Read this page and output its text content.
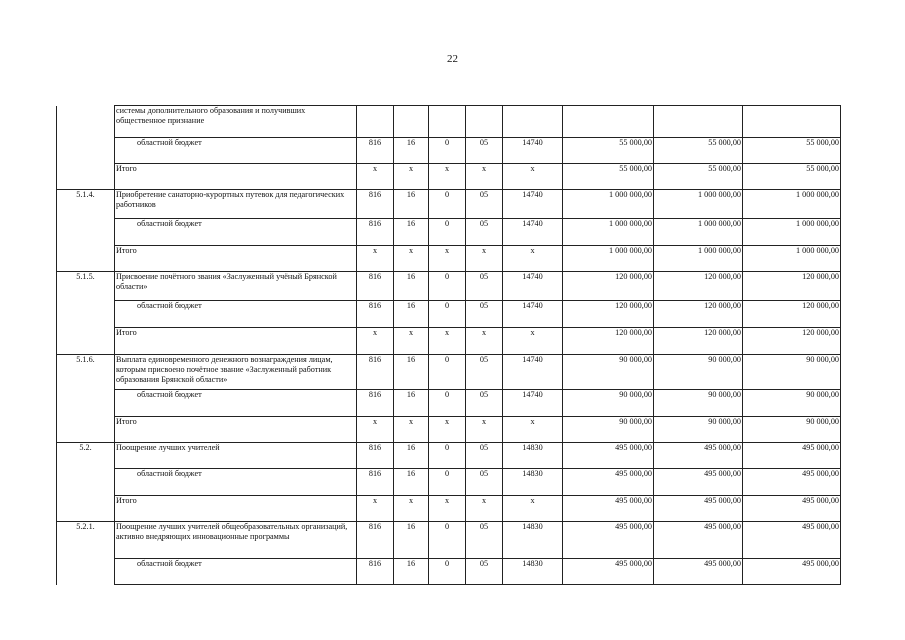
22
	системы дополнительного образования и получивших общественное признание								
	областной бюджет	816	16	0	05	14740	55 000,00	55 000,00	55 000,00
	Итого	x	x	x	x	x	55 000,00	55 000,00	55 000,00
5.1.4.	Приобретение санаторно-курортных путевок для педагогических работников	816	16	0	05	14740	1 000 000,00	1 000 000,00	1 000 000,00
	областной бюджет	816	16	0	05	14740	1 000 000,00	1 000 000,00	1 000 000,00
	Итого	x	x	x	x	x	1 000 000,00	1 000 000,00	1 000 000,00
5.1.5.	Присвоение почётного звания «Заслуженный учёный Брянской области»	816	16	0	05	14740	120 000,00	120 000,00	120 000,00
	областной бюджет	816	16	0	05	14740	120 000,00	120 000,00	120 000,00
	Итого	x	x	x	x	x	120 000,00	120 000,00	120 000,00
5.1.6.	Выплата единовременного денежного вознаграждения лицам, которым присвоено почётное звание «Заслуженный работник образования Брянской области»	816	16	0	05	14740	90 000,00	90 000,00	90 000,00
	областной бюджет	816	16	0	05	14740	90 000,00	90 000,00	90 000,00
	Итого	x	x	x	x	x	90 000,00	90 000,00	90 000,00
5.2.	Поощрение лучших учителей	816	16	0	05	14830	495 000,00	495 000,00	495 000,00
	областной бюджет	816	16	0	05	14830	495 000,00	495 000,00	495 000,00
	Итого	x	x	x	x	x	495 000,00	495 000,00	495 000,00
5.2.1.	Поощрение лучших учителей общеобразовательных организаций, активно внедряющих инновационные программы	816	16	0	05	14830	495 000,00	495 000,00	495 000,00
	областной бюджет	816	16	0	05	14830	495 000,00	495 000,00	495 000,00
